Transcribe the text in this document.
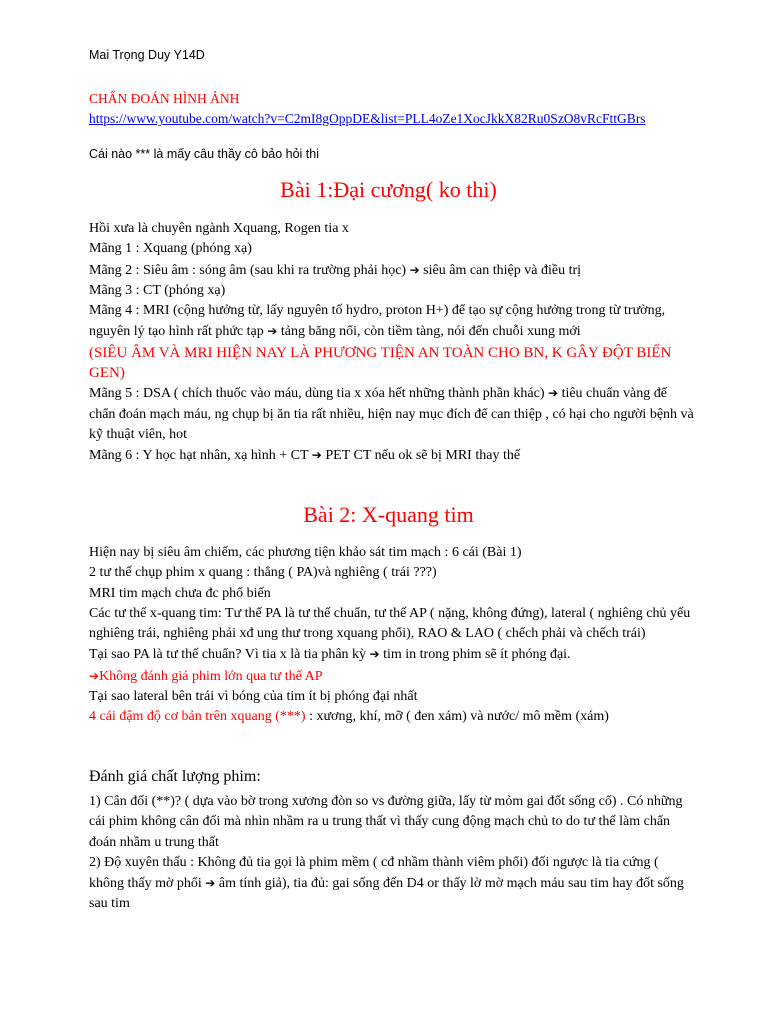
Mai Trọng Duy Y14D
CHẨN ĐOÁN HÌNH ẢNH
https://www.youtube.com/watch?v=C2mI8gOppDE&list=PLL4oZe1XocJkkX82Ru0SzO8vRcFttGBrs
Cái nào *** là mấy câu thầy cô bảo hỏi thi
Bài 1:Đại cương( ko thi)

Hồi xưa là chuyên ngành Xquang, Rogen tia x

Mãng 1 : Xquang (phóng xạ)

Mãng 2 : Siêu âm : sóng âm (sau khi ra trường phải học) ➔ siêu âm can thiệp và điều trị

Mãng 3 : CT (phóng xạ)

Mãng 4 : MRI (cộng hưởng từ, lấy nguyên tố hydro, proton H+) để tạo sự cộng hưởng trong từ trường, nguyên lý tạo hình rất phức tạp ➔ tảng băng nổi, còn tiềm tàng, nói đến chuỗi xung mới

(SIÊU ÂM VÀ MRI HIỆN NAY LÀ PHƯƠNG TIỆN AN TOÀN CHO BN, K GÂY ĐỘT BIẾN GEN)

Mãng 5 : DSA ( chích thuốc vào máu, dùng tia x xóa hết những thành phần khác) ➔ tiêu chuẩn vàng để chẩn đoán mạch máu, ng chụp bị ăn tia rất nhiều, hiện nay mục đích để can thiệp , có hại cho người bệnh và kỹ thuật viên, hot

Mãng 6 : Y học hạt nhân, xạ hình + CT ➔ PET CT nếu ok sẽ bị MRI thay thế

Bài 2: X-quang tim

Hiện nay bị siêu âm chiếm, các phương tiện khảo sát tim mạch : 6 cái (Bài 1)

2 tư thế chụp phim x quang : thẳng ( PA)và nghiêng ( trái ???)

MRI tim mạch chưa đc phổ biến

Các tư thế x-quang tim: Tư thế PA là tư thế chuẩn, tư thế AP ( nặng, không đứng), lateral ( nghiêng chủ yếu nghiêng trái, nghiêng phải xđ ung thư trong xquang phổi), RAO & LAO ( chếch phải và chếch trái)

Tại sao PA là tư thế chuẩn? Vì tia x là tia phân kỳ ➔ tim in trong phim sẽ ít phóng đại.

➔Không đánh giá phim lớn qua tư thế AP

Tại sao lateral bên trái vì bóng của tim ít bị phóng đại nhất

4 cái đậm độ cơ bản trên xquang (***) : xương, khí, mỡ ( đen xám) và nước/ mô mềm (xám)

Đánh giá chất lượng phim:

1) Cân đối (**)? ( dựa vào bờ trong xương đòn so vs đường giữa, lấy từ mỏm gai đốt sống cổ) . Có những cái phim không cân đối mà nhìn nhầm ra u trung thất vì thấy cung động mạch chủ to do tư thế làm chẩn đoán nhầm u trung thất

2) Độ xuyên thấu : Không đủ tia gọi là phim mềm ( cđ nhầm thành viêm phổi) đối ngược là tia cứng ( không thấy mờ phổi ➔ âm tính giả), tia đủ: gai sống đến D4 or thấy lờ mờ mạch máu sau tim hay đốt sống sau tim
